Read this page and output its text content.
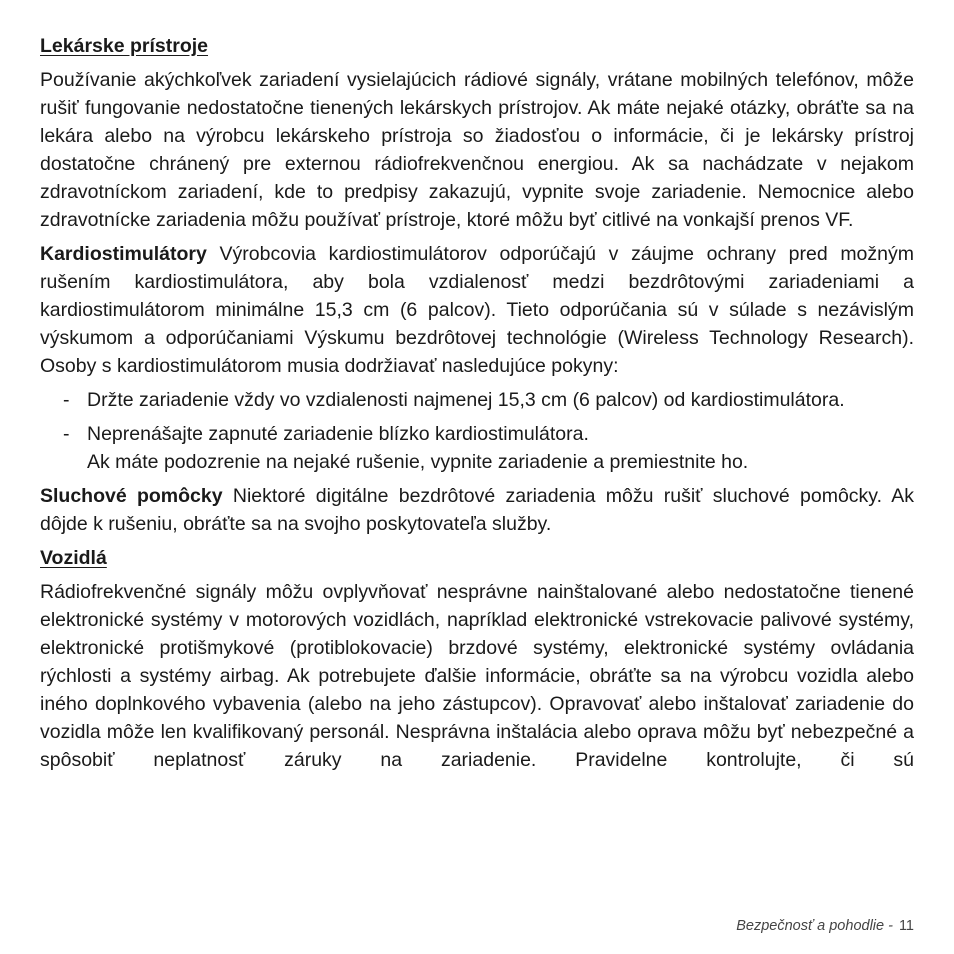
Lekárske prístroje

Používanie akýchkoľvek zariadení vysielajúcich rádiové signály, vrátane mobilných telefónov, môže rušiť fungovanie nedostatočne tienených lekárskych prístrojov. Ak máte nejaké otázky, obráťte sa na lekára alebo na výrobcu lekárskeho prístroja so žiadosťou o informácie, či je lekársky prístroj dostatočne chránený pre externou rádiofrekvenčnou energiou. Ak sa nachádzate v nejakom zdravotníckom zariadení, kde to predpisy zakazujú, vypnite svoje zariadenie. Nemocnice alebo zdravotnícke zariadenia môžu používať prístroje, ktoré môžu byť citlivé na vonkajší prenos VF.

Kardiostimulátory Výrobcovia kardiostimulátorov odporúčajú v záujme ochrany pred možným rušením kardiostimulátora, aby bola vzdialenosť medzi bezdrôtovými zariadeniami a kardiostimulátorom minimálne 15,3 cm (6 palcov). Tieto odporúčania sú v súlade s nezávislým výskumom a odporúčaniami Výskumu bezdrôtovej technológie (Wireless Technology Research). Osoby s kardiostimulátorom musia dodržiavať nasledujúce pokyny:

- Držte zariadenie vždy vo vzdialenosti najmenej 15,3 cm (6 palcov) od kardiostimulátora.
- Neprenášajte zapnuté zariadenie blízko kardiostimulátora.
Ak máte podozrenie na nejaké rušenie, vypnite zariadenie a premiestnite ho.

Sluchové pomôcky Niektoré digitálne bezdrôtové zariadenia môžu rušiť sluchové pomôcky. Ak dôjde k rušeniu, obráťte sa na svojho poskytovateľa služby.

Vozidlá

Rádiofrekvenčné signály môžu ovplyvňovať nesprávne nainštalované alebo nedostatočne tienené elektronické systémy v motorových vozidlách, napríklad elektronické vstrekovacie palivové systémy, elektronické protišmykové (protiblokovacie) brzdové systémy, elektronické systémy ovládania rýchlosti a systémy airbag. Ak potrebujete ďalšie informácie, obráťte sa na výrobcu vozidla alebo iného doplnkového vybavenia (alebo na jeho zástupcov). Opravovať alebo inštalovať zariadenie do vozidla môže len kvalifikovaný personál. Nesprávna inštalácia alebo oprava môžu byť nebezpečné a spôsobiť neplatnosť záruky na zariadenie. Pravidelne kontrolujte, či sú

Bezpečnosť a pohodlie - 11
